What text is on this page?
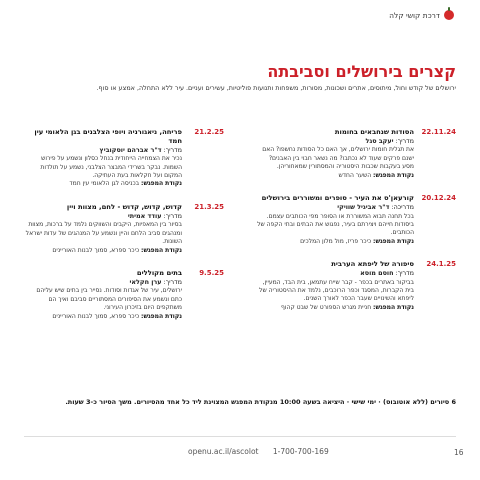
דרכת קושי קלה
קצרים בירושלים וסביבתה
ירושלים של קודש וחול, מיתוסים, אתרים ושכונות, מסורות, משפחות ותנועות פוליטיות, עשירים ועניים. עיר ללא התחלה, אמצע או סוף.
22.11.24
הסודות שנחבאים בחומות
מדריך: יעקב סגל
את תגלית חומות ירושלים, אך האם כל הסודות נחשפו? האם ישנם פרקים שעוד לא נכתבו? מה נשאר חבוי בין האבנים? מסע בעקבות שכבות היסטוריה והמסתורין שמאחוריהן.
נקודת המפגש: השער החדש
20.12.24
קורעאן'ס את העיר - סופרים ומשוררים בירושלים
מדריכה: ד"ר אביגיל שוויקי
בכל תחנה תבוא המשוררת או הסופר מפי הכותבים עצמם. ביסודות חייהם ויצירתם בעיר, נפגוש את הבתים ובתי הקפה של הכותבים.
נקודת המפגש: כיכר פריז, מול מלון המלכים
24.1.25
סיפורה של ליפתא הערבית
מדריך: חוסם מוסא
בביקור באתרים בכפר - קבר שייח עתמאן, בית הבד, המעיין, בית הקברות, המסגד וכפר הרוכבים, נלמד את ההיסטוריה של ליפתא והשינויים שעבר הכפר לאורך השנים.
נקודת המפגש: חניית מגרש הספורט של שבט קהוף
21.2.25
פריחה, ניאגורניה ויופי הצלבנים בגן הלאומי עין חמד
מדריך: ד"ר אברהם יוסקוביץ
נכיר את הצמחייה הייחודית בנחל כסלון ונשמע על פירוש השמות. נבקר בשרידי המבצר הצלבני, נשמע על תולדות המקום ועל חקלאות בעת העתיקה.
נקודת המפגש: בכניסה לגן הלאומי עין חמד
21.3.25
קדוש, קדוש, קדוש - לחם, מצוות ויין
מדריך: עודד אמיתי
בסיור בין המאפיות, היקבים והשווקים נלמד על ברכות, מצוות ומנהגים סביב הלחם והיין ונשמע על המנהגים של עדות ישראל השונות.
נקודת המפגש: כיכר ספרא, סמוך לבנות האוריינים
9.5.25
בתים מקוללים
מדריך: ערן חקלאי
ירושלים, עיר של אגדות וסודות. נסייר בין בתים שיש עליהם כתם ונשמע את הסיפורים המסתוריים סביבם ואיך הם משתקפים היום בזיכרון העירוני.
נקודת המפגש: כיכר ספרא, סמוך לבנות האוריינים
6 סיורים (ללא אוטובוס) · ימי שישי · היציאה בשעה 10:00 מנקודת המפגש המצוינת ליד כל אחד מהסיורים. משך הסיור כ-3 שעות.
openu.ac.il/ascolot 1-700-700-169	16
